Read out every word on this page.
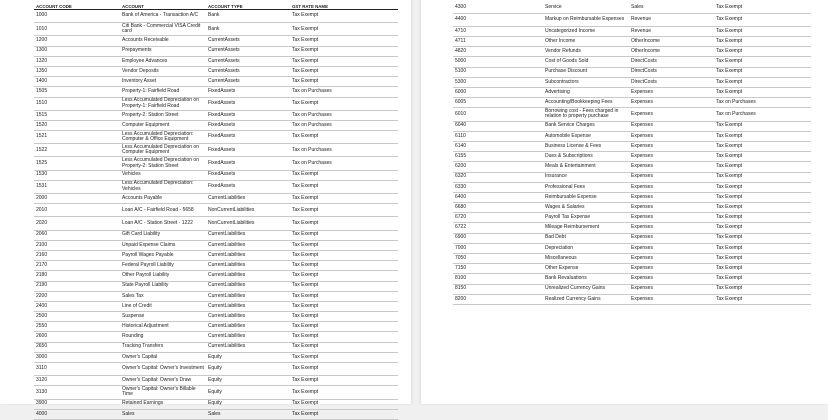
ACCOUNT CODE	ACCOUNT	ACCOUNT TYPE	GST RATE NAME
1000	Bank of America - Transaction A/C	Bank	Tax Exempt
1010	Citi Bank - Commercial VISA Credit card	Bank	Tax Exempt
1200	Accounts Receivable	CurrentAssets	Tax Exempt
1300	Prepayments	CurrentAssets	Tax Exempt
1320	Employee Advances	CurrentAssets	Tax Exempt
1350	Vendor Deposits	CurrentAssets	Tax Exempt
1400	Inventory Asset	CurrentAssets	Tax Exempt
1505	Property-1: Fairfield Road	FixedAssets	Tax on Purchases
1510	Less Accumulated Depreciation on Property-1: Fairfield Road	FixedAssets	Tax Exempt
1515	Property-2: Station Street	FixedAssets	Tax on Purchases
1520	Computer Equipment	FixedAssets	Tax on Purchases
1521	Less Accumulated Depreciation: Computer & Office Equipment	FixedAssets	Tax Exempt
1522	Less Accumulated Depreciation on Computer Equipment	FixedAssets	Tax on Purchases
1525	Less Accumulated Depreciation on Property-2: Station Street	FixedAssets	Tax on Purchases
1530	Vehicles	FixedAssets	Tax Exempt
1531	Less Accumulated Depreciation: Vehicles	FixedAssets	Tax Exempt
2000	Accounts Payable	CurrentLiabilities	Tax Exempt
2010	Loan A/C - Fairfield Road - 5658	NonCurrentLiabilities	Tax Exempt
2020	Loan A/C - Station Street - 1222	NonCurrentLiabilities	Tax Exempt
2060	Gift Card Liability	CurrentLiabilities	Tax Exempt
2100	Unpaid Expense Claims	CurrentLiabilities	Tax Exempt
2160	Payroll Wages Payable	CurrentLiabilities	Tax Exempt
2170	Federal Payroll Liability	CurrentLiabilities	Tax Exempt
2180	Other Payroll Liability	CurrentLiabilities	Tax Exempt
2190	State Payroll Liability	CurrentLiabilities	Tax Exempt
2200	Sales Tax	CurrentLiabilities	Tax Exempt
2400	Line of Credit	CurrentLiabilities	Tax Exempt
2500	Suspense	CurrentLiabilities	Tax Exempt
2550	Historical Adjustment	CurrentLiabilities	Tax Exempt
2600	Rounding	CurrentLiabilities	Tax Exempt
2650	Tracking Transfers	CurrentLiabilities	Tax Exempt
3000	Owner's Capital	Equity	Tax Exempt
3110	Owner's Capital: Owner's Investment	Equity	Tax Exempt
3120	Owner's Capital: Owner's Draw	Equity	Tax Exempt
3130	Owner's Capital: Owner's Billable Time	Equity	Tax Exempt
3900	Retained Earnings	Equity	Tax Exempt
4000	Sales	Sales	Tax Exempt

4300	Service	Sales	Tax Exempt
4400	Markup on Reimbursable Expenses	Revenue	Tax Exempt
4710	Uncategorized Income	Revenue	Tax Exempt
4711	Other Income	OtherIncome	Tax Exempt
4820	Vendor Refunds	OtherIncome	Tax Exempt
5000	Cost of Goods Sold	DirectCosts	Tax Exempt
5100	Purchase Discount	DirectCosts	Tax Exempt
5300	Subcontractors	DirectCosts	Tax Exempt
6000	Advertising	Expenses	Tax Exempt
6005	Accounting/Bookkeeping Fees	Expenses	Tax on Purchases
6010	Borrowing cost - Fees charged in relation to property purchase	Expenses	Tax on Purchases
6040	Bank Service Charges	Expenses	Tax Exempt
6110	Automobile Expense	Expenses	Tax Exempt
6140	Business License & Fees	Expenses	Tax Exempt
6155	Dues & Subscriptions	Expenses	Tax Exempt
6200	Meals & Entertainment	Expenses	Tax Exempt
6320	Insurance	Expenses	Tax Exempt
6330	Professional Fees	Expenses	Tax Exempt
6400	Reimbursable Expense	Expenses	Tax Exempt
6680	Wages & Salaries	Expenses	Tax Exempt
6720	Payroll Tax Expense	Expenses	Tax Exempt
6722	Mileage Reimbursement	Expenses	Tax Exempt
6900	Bad Debt	Expenses	Tax Exempt
7000	Depreciation	Expenses	Tax Exempt
7050	Miscellaneous	Expenses	Tax Exempt
7150	Other Expense	Expenses	Tax Exempt
8100	Bank Revaluations	Expenses	Tax Exempt
8150	Unrealized Currency Gains	Expenses	Tax Exempt
8200	Realized Currency Gains	Expenses	Tax Exempt
